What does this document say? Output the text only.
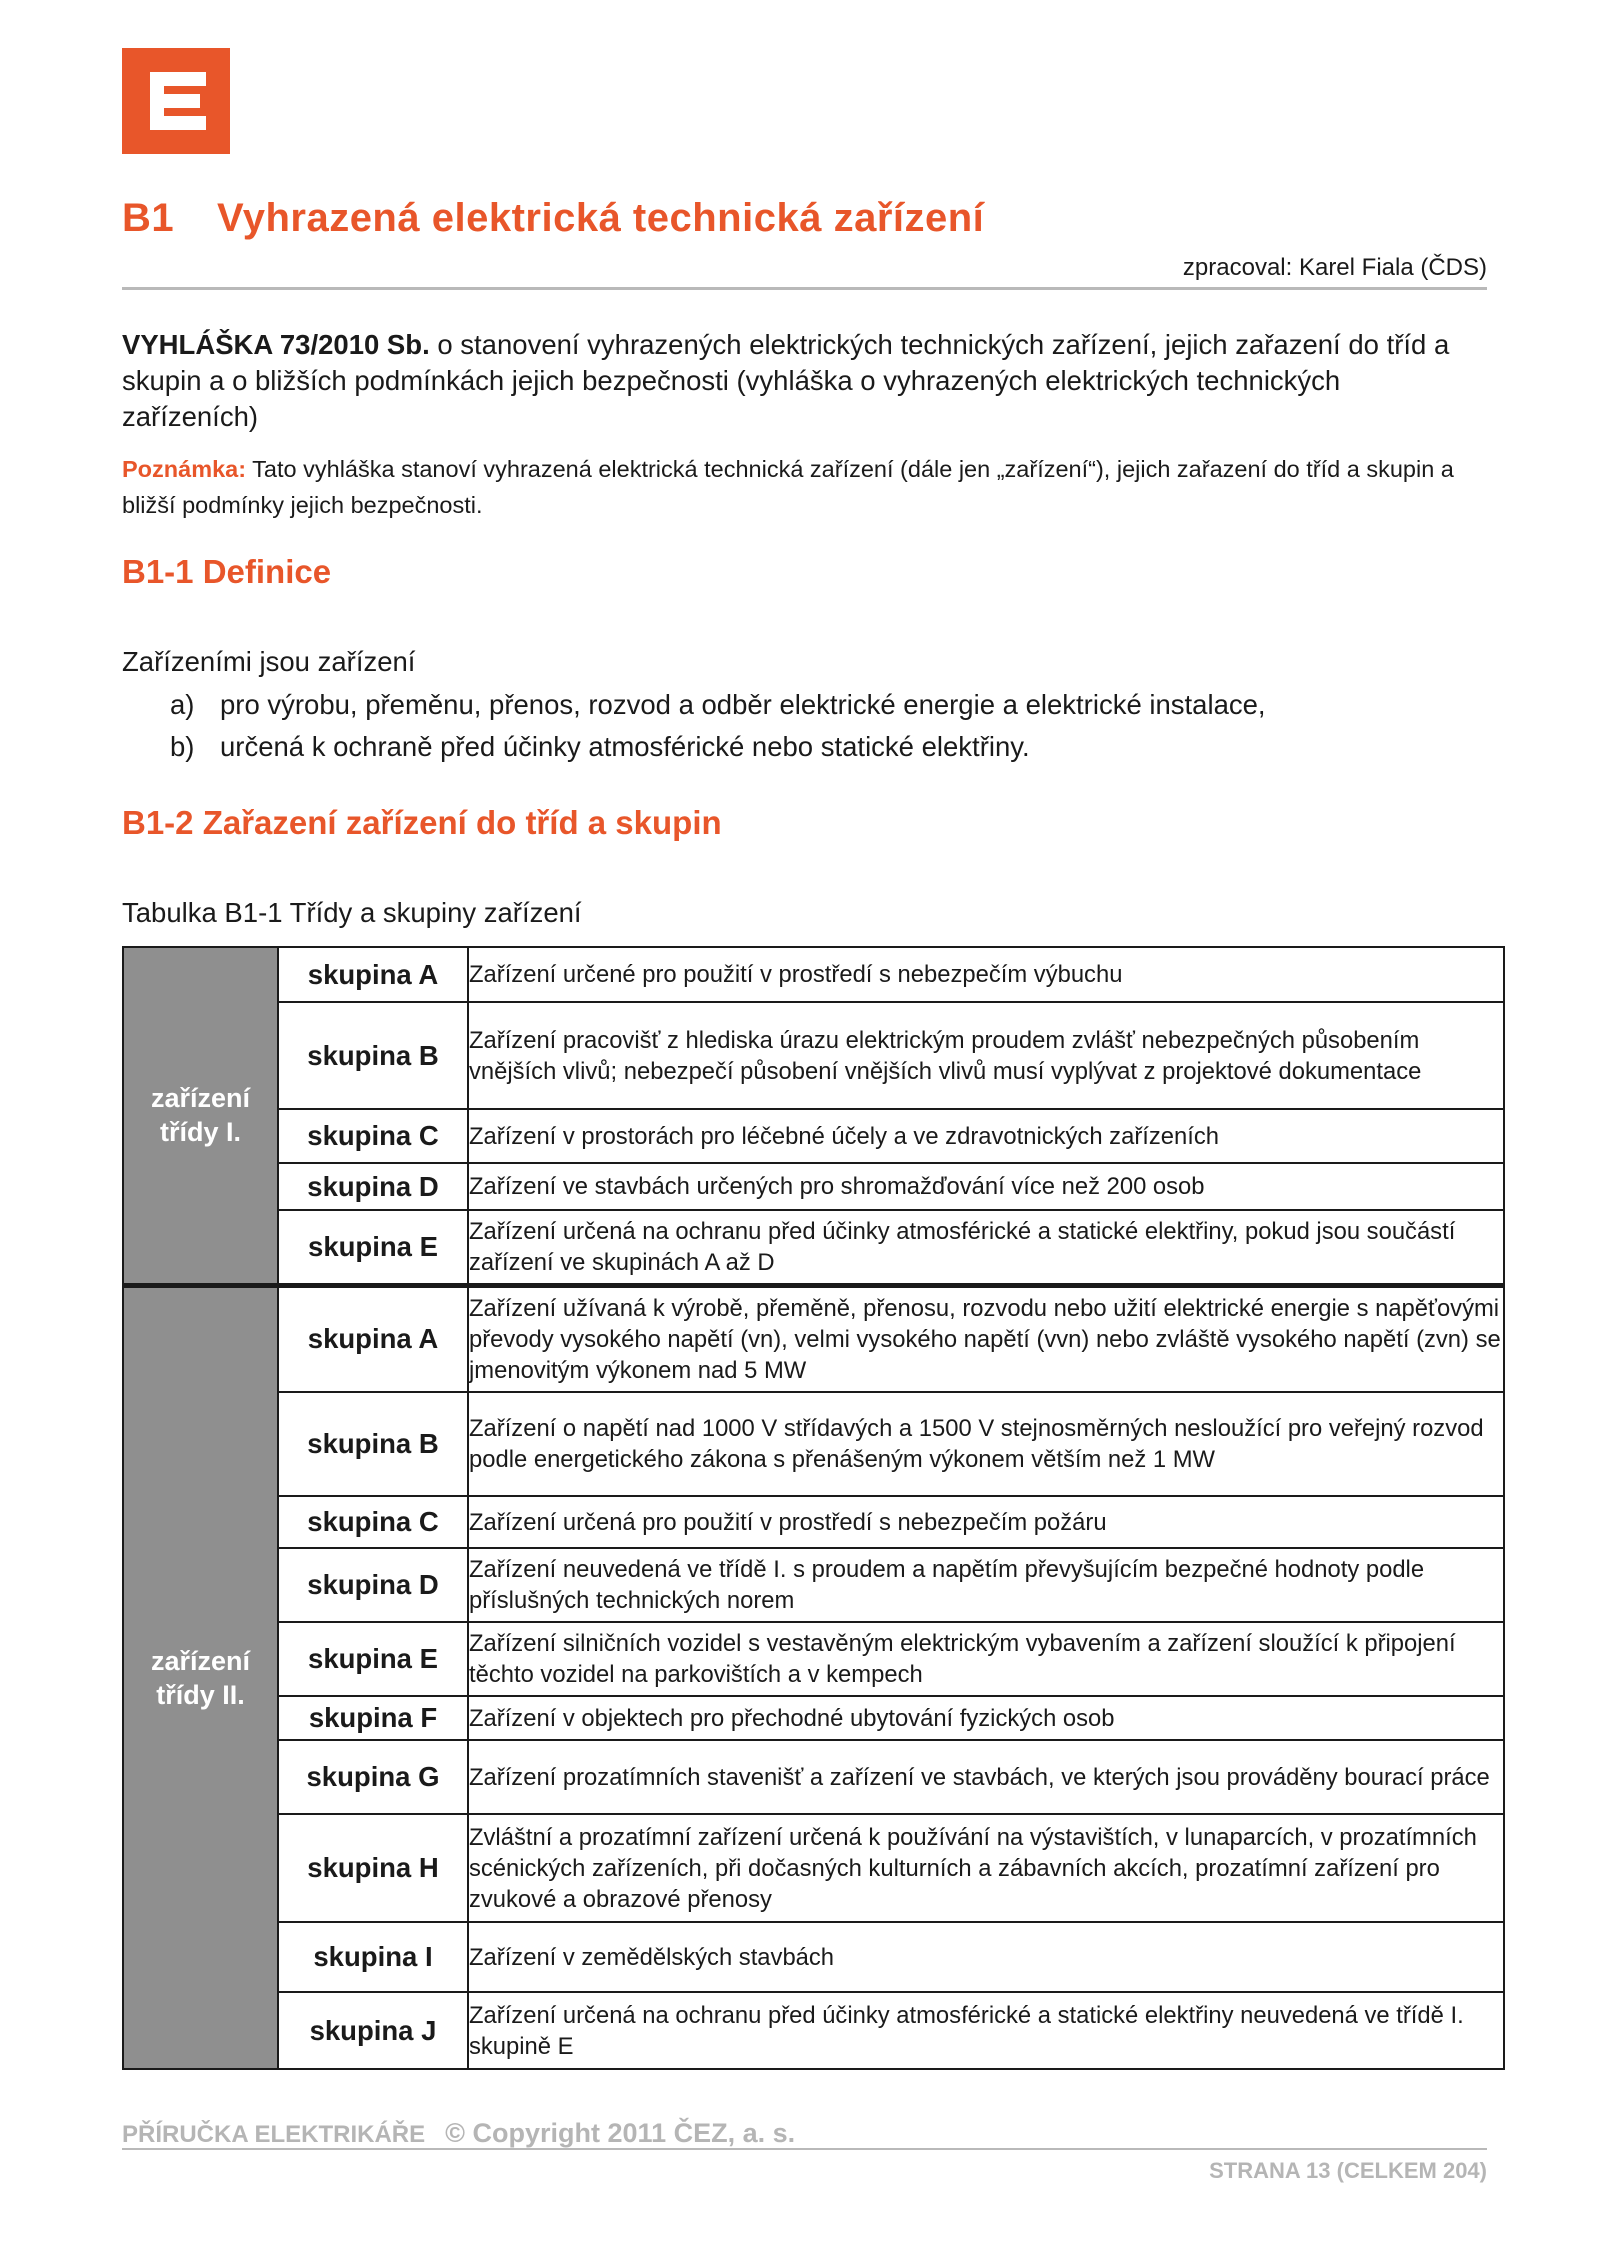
B1 Vyhrazená elektrická technická zařízení
zpracoval: Karel Fiala (ČDS)
VYHLÁŠKA 73/2010 Sb. o stanovení vyhrazených elektrických technických zařízení, jejich zařazení do tříd a skupin a o bližších podmínkách jejich bezpečnosti (vyhláška o vyhrazených elektrických technických zařízeních)
Poznámka: Tato vyhláška stanoví vyhrazená elektrická technická zařízení (dále jen „zařízení“), jejich zařazení do tříd a skupin a bližší podmínky jejich bezpečnosti.
B1-1 Definice
Zařízeními jsou zařízení
a) pro výrobu, přeměnu, přenos, rozvod a odběr elektrické energie a elektrické instalace,
b) určená k ochraně před účinky atmosférické nebo statické elektřiny.
B1-2 Zařazení zařízení do tříd a skupin
Tabulka B1-1 Třídy a skupiny zařízení
zařízení
třídy I.	skupina A	Zařízení určené pro použití v prostředí s nebezpečím výbuchu
	skupina B	Zařízení pracovišť z hlediska úrazu elektrickým proudem zvlášť nebezpečných působením vnějších vlivů; nebezpečí působení vnějších vlivů musí vyplývat z projektové dokumentace
	skupina C	Zařízení v prostorách pro léčebné účely a ve zdravotnických zařízeních
	skupina D	Zařízení ve stavbách určených pro shromažďování více než 200 osob
	skupina E	Zařízení určená na ochranu před účinky atmosférické a statické elektřiny, pokud jsou součástí zařízení ve skupinách A až D
zařízení
třídy II.	skupina A	Zařízení užívaná k výrobě, přeměně, přenosu, rozvodu nebo užití elektrické energie s napěťovými převody vysokého napětí (vn), velmi vysokého napětí (vvn) nebo zvláště vysokého napětí (zvn) se jmenovitým výkonem nad 5 MW
	skupina B	Zařízení o napětí nad 1000 V střídavých a 1500 V stejnosměrných nesloužící pro veřejný rozvod podle energetického zákona s přenášeným výkonem větším než 1 MW
	skupina C	Zařízení určená pro použití v prostředí s nebezpečím požáru
	skupina D	Zařízení neuvedená ve třídě I. s proudem a napětím převyšujícím bezpečné hodnoty podle příslušných technických norem
	skupina E	Zařízení silničních vozidel s vestavěným elektrickým vybavením a zařízení sloužící k připojení těchto vozidel na parkovištích a v kempech
	skupina F	Zařízení v objektech pro přechodné ubytování fyzických osob
	skupina G	Zařízení prozatímních stavenišť a zařízení ve stavbách, ve kterých jsou prováděny bourací práce
	skupina H	Zvláštní a prozatímní zařízení určená k používání na výstavištích, v lunaparcích, v prozatímních scénických zařízeních, při dočasných kulturních a zábavních akcích, prozatímní zařízení pro zvukové a obrazové přenosy
	skupina I	Zařízení v zemědělských stavbách
	skupina J	Zařízení určená na ochranu před účinky atmosférické a statické elektřiny neuvedená ve třídě I. skupině E
PŘÍRUČKA ELEKTRIKÁŘE © Copyright 2011 ČEZ, a. s.
STRANA 13 (CELKEM 204)
